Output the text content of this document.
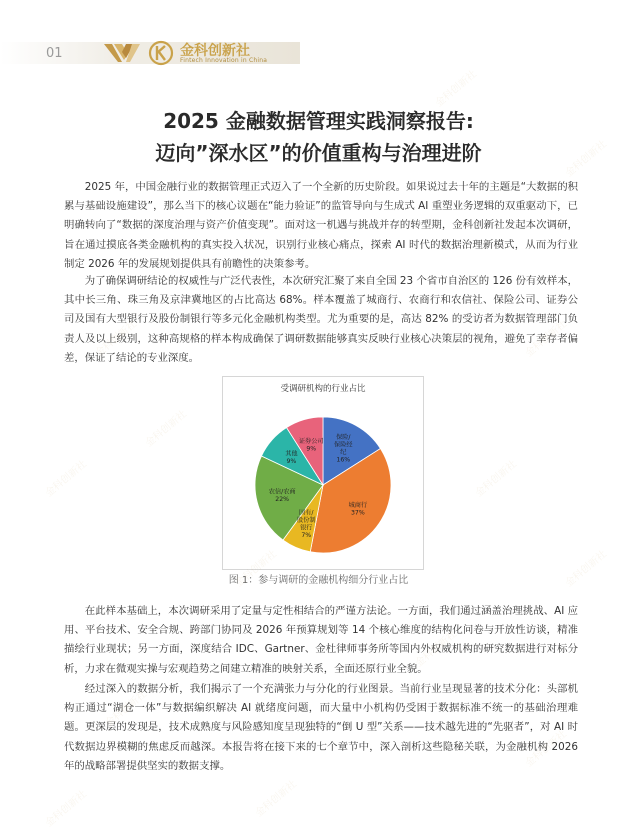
01	金科创新社
Fintech Innovation in China
2025 金融数据管理实践洞察报告:
迈向”深水区”的价值重构与治理进阶
2025 年，中国金融行业的数据管理正式迈入了一个全新的历史阶段。如果说过去十年的主题是“大数据的积累与基础设施建设”，那么当下的核心议题在“能力验证”的监管导向与生成式 AI 重塑业务逻辑的双重驱动下，已明确转向了“数据的深度治理与资产价值变现”。面对这一机遇与挑战并存的转型期，金科创新社发起本次调研，旨在通过摸底各类金融机构的真实投入状况，识别行业核心痛点，探索 AI 时代的数据治理新模式，从而为行业制定 2026 年的发展规划提供具有前瞻性的决策参考。
为了确保调研结论的权威性与广泛代表性，本次研究汇聚了来自全国 23 个省市自治区的 126 份有效样本，其中长三角、珠三角及京津冀地区的占比高达 68%。样本覆盖了城商行、农商行和农信社、保险公司、证券公司及国有大型银行及股份制银行等多元化金融机构类型。尤为重要的是，高达 82% 的受访者为数据管理部门负责人及以上级别，这种高规格的样本构成确保了调研数据能够真实反映行业核心决策层的视角，避免了幸存者偏差，保证了结论的专业深度。
受调研机构的行业占比
保险/保险经纪 16%
城商行 37%
国有/股份制银行 7%
农信/农商 22%
其他 9%
证券公司 9%
图 1：参与调研的金融机构细分行业占比
在此样本基础上，本次调研采用了定量与定性相结合的严谨方法论。一方面，我们通过涵盖治理挑战、AI 应用、平台技术、安全合规、跨部门协同及 2026 年预算规划等 14 个核心维度的结构化问卷与开放性访谈，精准描绘行业现状；另一方面，深度结合 IDC、Gartner、金杜律师事务所等国内外权威机构的研究数据进行对标分析，力求在微观实操与宏观趋势之间建立精准的映射关系，全面还原行业全貌。
经过深入的数据分析，我们揭示了一个充满张力与分化的行业图景。当前行业呈现显著的技术分化：头部机构正通过“湖仓一体”与数据编织解决 AI 就绪度问题，而大量中小机构仍受困于数据标准不统一的基础治理难题。更深层的发现是，技术成熟度与风险感知度呈现独特的“倒 U 型”关系——技术越先进的“先驱者”，对 AI 时代数据边界模糊的焦虑反而越深。本报告将在接下来的七个章节中，深入剖析这些隐秘关联，为金融机构 2026 年的战略部署提供坚实的数据支撑。
金科创新社
金科创新社
金科创新社	金科创新社
金科创新社
金科创新社
金科创新社
金科创新社
金科创新社
金科创新社
金科创新社
金科创新社
金科创新社
